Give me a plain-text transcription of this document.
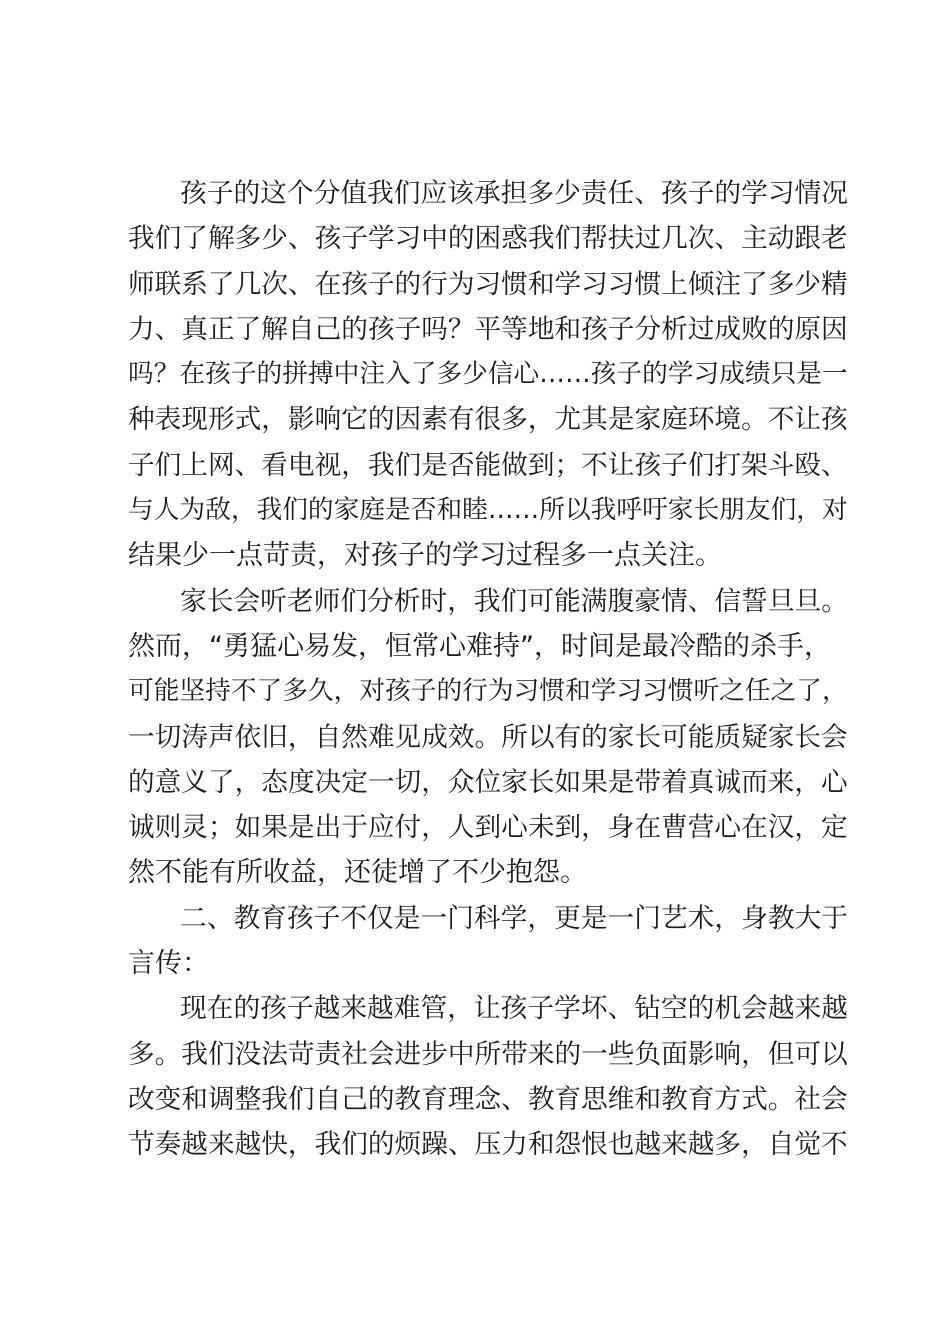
孩子的这个分值我们应该承担多少责任、孩子的学习情况
我们了解多少、孩子学习中的困惑我们帮扶过几次、主动跟老
师联系了几次、在孩子的行为习惯和学习习惯上倾注了多少精
力、真正了解自己的孩子吗？平等地和孩子分析过成败的原因
吗？在孩子的拼搏中注入了多少信心……孩子的学习成绩只是一
种表现形式，影响它的因素有很多，尤其是家庭环境。不让孩
子们上网、看电视，我们是否能做到；不让孩子们打架斗殴、
与人为敌，我们的家庭是否和睦……所以我呼吁家长朋友们，对
结果少一点苛责，对孩子的学习过程多一点关注。
家长会听老师们分析时，我们可能满腹豪情、信誓旦旦。
然而，“勇猛心易发，恒常心难持”，时间是最冷酷的杀手，
可能坚持不了多久，对孩子的行为习惯和学习习惯听之任之了，
一切涛声依旧，自然难见成效。所以有的家长可能质疑家长会
的意义了，态度决定一切，众位家长如果是带着真诚而来，心
诚则灵；如果是出于应付，人到心未到，身在曹营心在汉，定
然不能有所收益，还徒增了不少抱怨。
二、教育孩子不仅是一门科学，更是一门艺术，身教大于
言传：
现在的孩子越来越难管，让孩子学坏、钻空的机会越来越
多。我们没法苛责社会进步中所带来的一些负面影响，但可以
改变和调整我们自己的教育理念、教育思维和教育方式。社会
节奏越来越快，我们的烦躁、压力和怨恨也越来越多，自觉不
